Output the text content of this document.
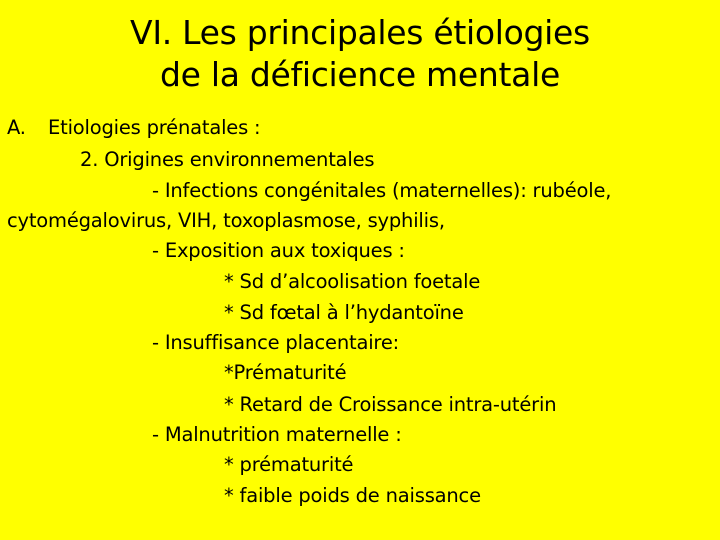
VI. Les principales étiologies
de la déficience mentale
A. Etiologies prénatales :
2. Origines environnementales
- Infections congénitales (maternelles): rubéole,
cytomégalovirus, VIH, toxoplasmose, syphilis,
- Exposition aux toxiques :
* Sd d’alcoolisation foetale
* Sd fœtal à l’hydantoïne
- Insuffisance placentaire:
*Prématurité
* Retard de Croissance intra-utérin
- Malnutrition maternelle :
* prématurité
* faible poids de naissance
